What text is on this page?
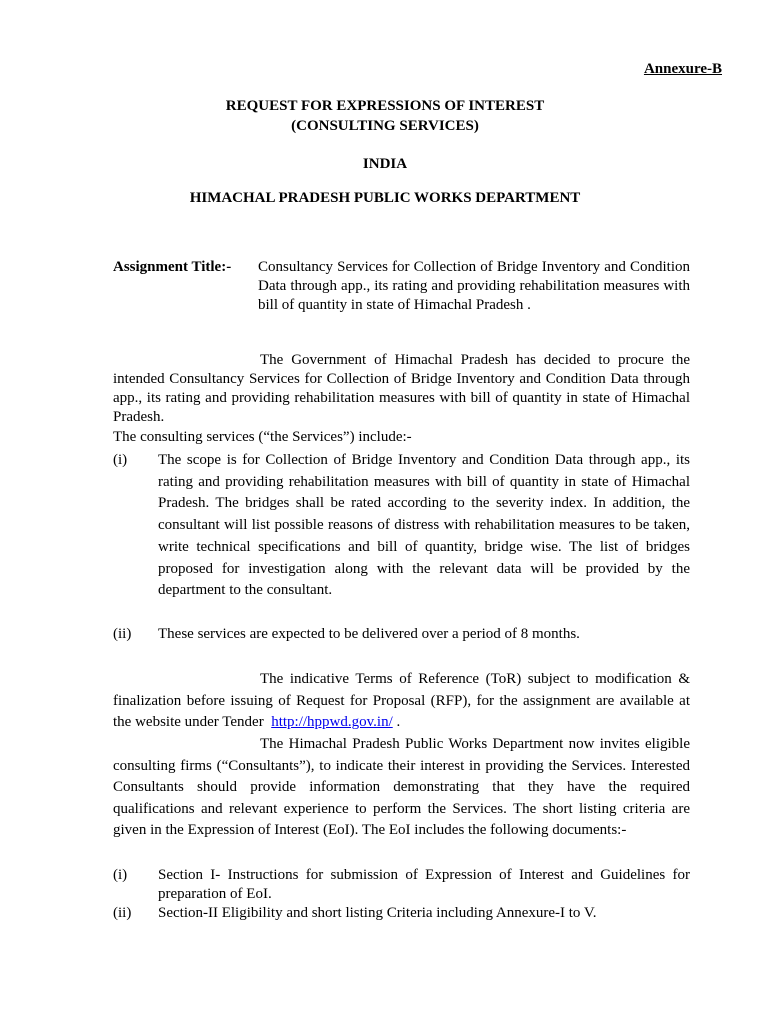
Annexure-B
REQUEST FOR EXPRESSIONS OF INTEREST
(CONSULTING SERVICES)
INDIA
HIMACHAL PRADESH PUBLIC WORKS DEPARTMENT
Assignment Title:- Consultancy Services for Collection of Bridge Inventory and Condition Data through app., its rating and providing rehabilitation measures with bill of quantity in state of Himachal Pradesh .
The Government of Himachal Pradesh has decided to procure the intended Consultancy Services for Collection of Bridge Inventory and Condition Data through app., its rating and providing rehabilitation measures with bill of quantity in state of Himachal Pradesh.
The consulting services (“the Services”) include:-
(i) The scope is for Collection of Bridge Inventory and Condition Data through app., its rating and providing rehabilitation measures with bill of quantity in state of Himachal Pradesh. The bridges shall be rated according to the severity index. In addition, the consultant will list possible reasons of distress with rehabilitation measures to be taken, write technical specifications and bill of quantity, bridge wise. The list of bridges proposed for investigation along with the relevant data will be provided by the department to the consultant.
(ii) These services are expected to be delivered over a period of 8 months.
The indicative Terms of Reference (ToR) subject to modification & finalization before issuing of Request for Proposal (RFP), for the assignment are available at the website under Tender http://hppwd.gov.in/ .
The Himachal Pradesh Public Works Department now invites eligible consulting firms (“Consultants”), to indicate their interest in providing the Services. Interested Consultants should provide information demonstrating that they have the required qualifications and relevant experience to perform the Services. The short listing criteria are given in the Expression of Interest (EoI). The EoI includes the following documents:-
(i) Section I- Instructions for submission of Expression of Interest and Guidelines for preparation of EoI.
(ii) Section-II Eligibility and short listing Criteria including Annexure-I to V.
